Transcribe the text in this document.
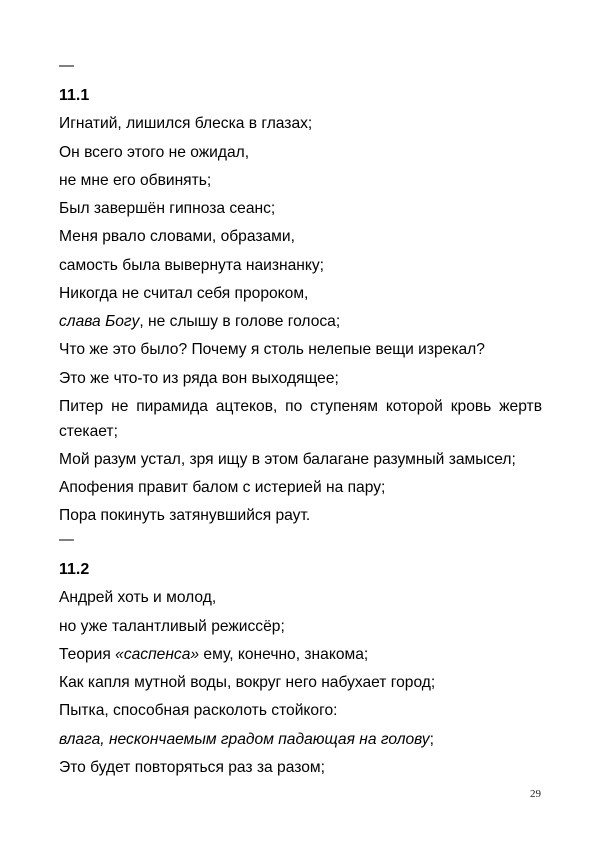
—
11.1
Игнатий, лишился блеска в глазах;
Он всего этого не ожидал,
не мне его обвинять;
Был завершён гипноза сеанс;
Меня рвало словами, образами,
самость была вывернута наизнанку;
Никогда не считал себя пророком,
слава Богу, не слышу в голове голоса;
Что же это было? Почему я столь нелепые вещи изрекал?
Это же что-то из ряда вон выходящее;
Питер не пирамида ацтеков, по ступеням которой кровь жертв
стекает;
Мой разум устал, зря ищу в этом балагане разумный замысел;
Апофения правит балом с истерией на пару;
Пора покинуть затянувшийся раут.
—
11.2
Андрей хоть и молод,
но уже талантливый режиссёр;
Теория «саспенса» ему, конечно, знакома;
Как капля мутной воды, вокруг него набухает город;
Пытка, способная расколоть стойкого:
влага, нескончаемым градом падающая на голову;
Это будет повторяться раз за разом;
29
